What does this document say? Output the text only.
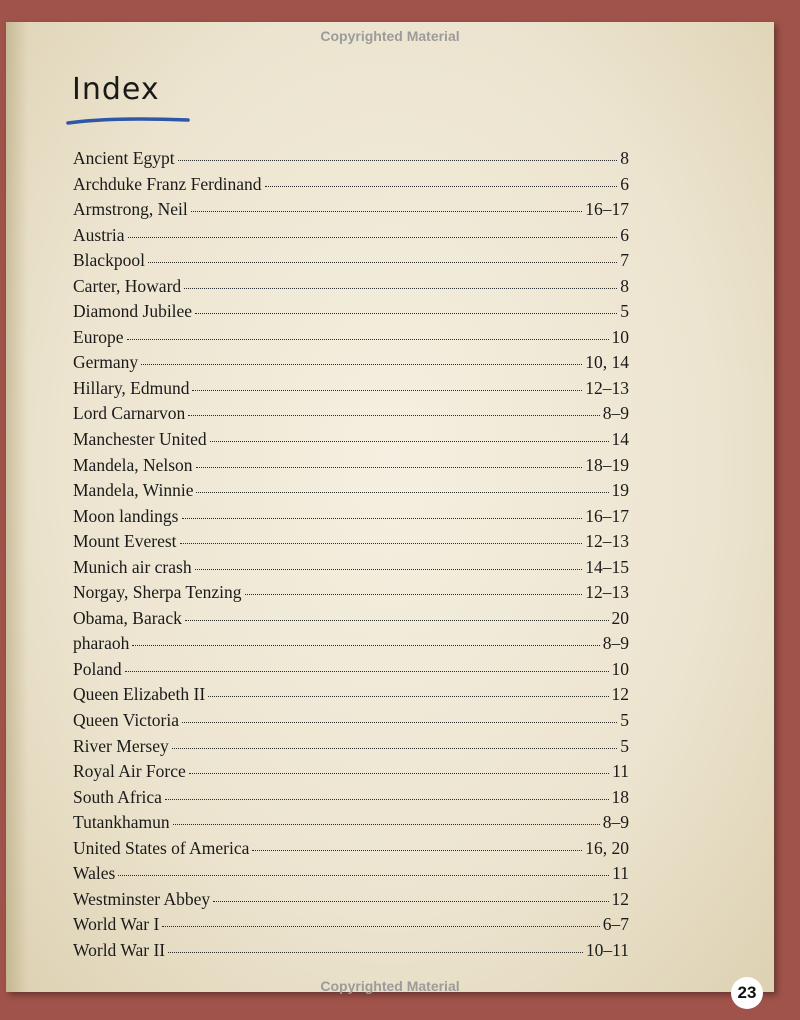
Copyrighted Material
Index
Ancient Egypt	8
Archduke Franz Ferdinand	6
Armstrong, Neil	16–17
Austria	6
Blackpool	7
Carter, Howard	8
Diamond Jubilee	5
Europe	10
Germany	10, 14
Hillary, Edmund	12–13
Lord Carnarvon	8–9
Manchester United	14
Mandela, Nelson	18–19
Mandela, Winnie	19
Moon landings	16–17
Mount Everest	12–13
Munich air crash	14–15
Norgay, Sherpa Tenzing	12–13
Obama, Barack	20
pharaoh	8–9
Poland	10
Queen Elizabeth II	12
Queen Victoria	5
River Mersey	5
Royal Air Force	11
South Africa	18
Tutankhamun	8–9
United States of America	16, 20
Wales	11
Westminster Abbey	12
World War I	6–7
World War II	10–11
23
Copyrighted Material
